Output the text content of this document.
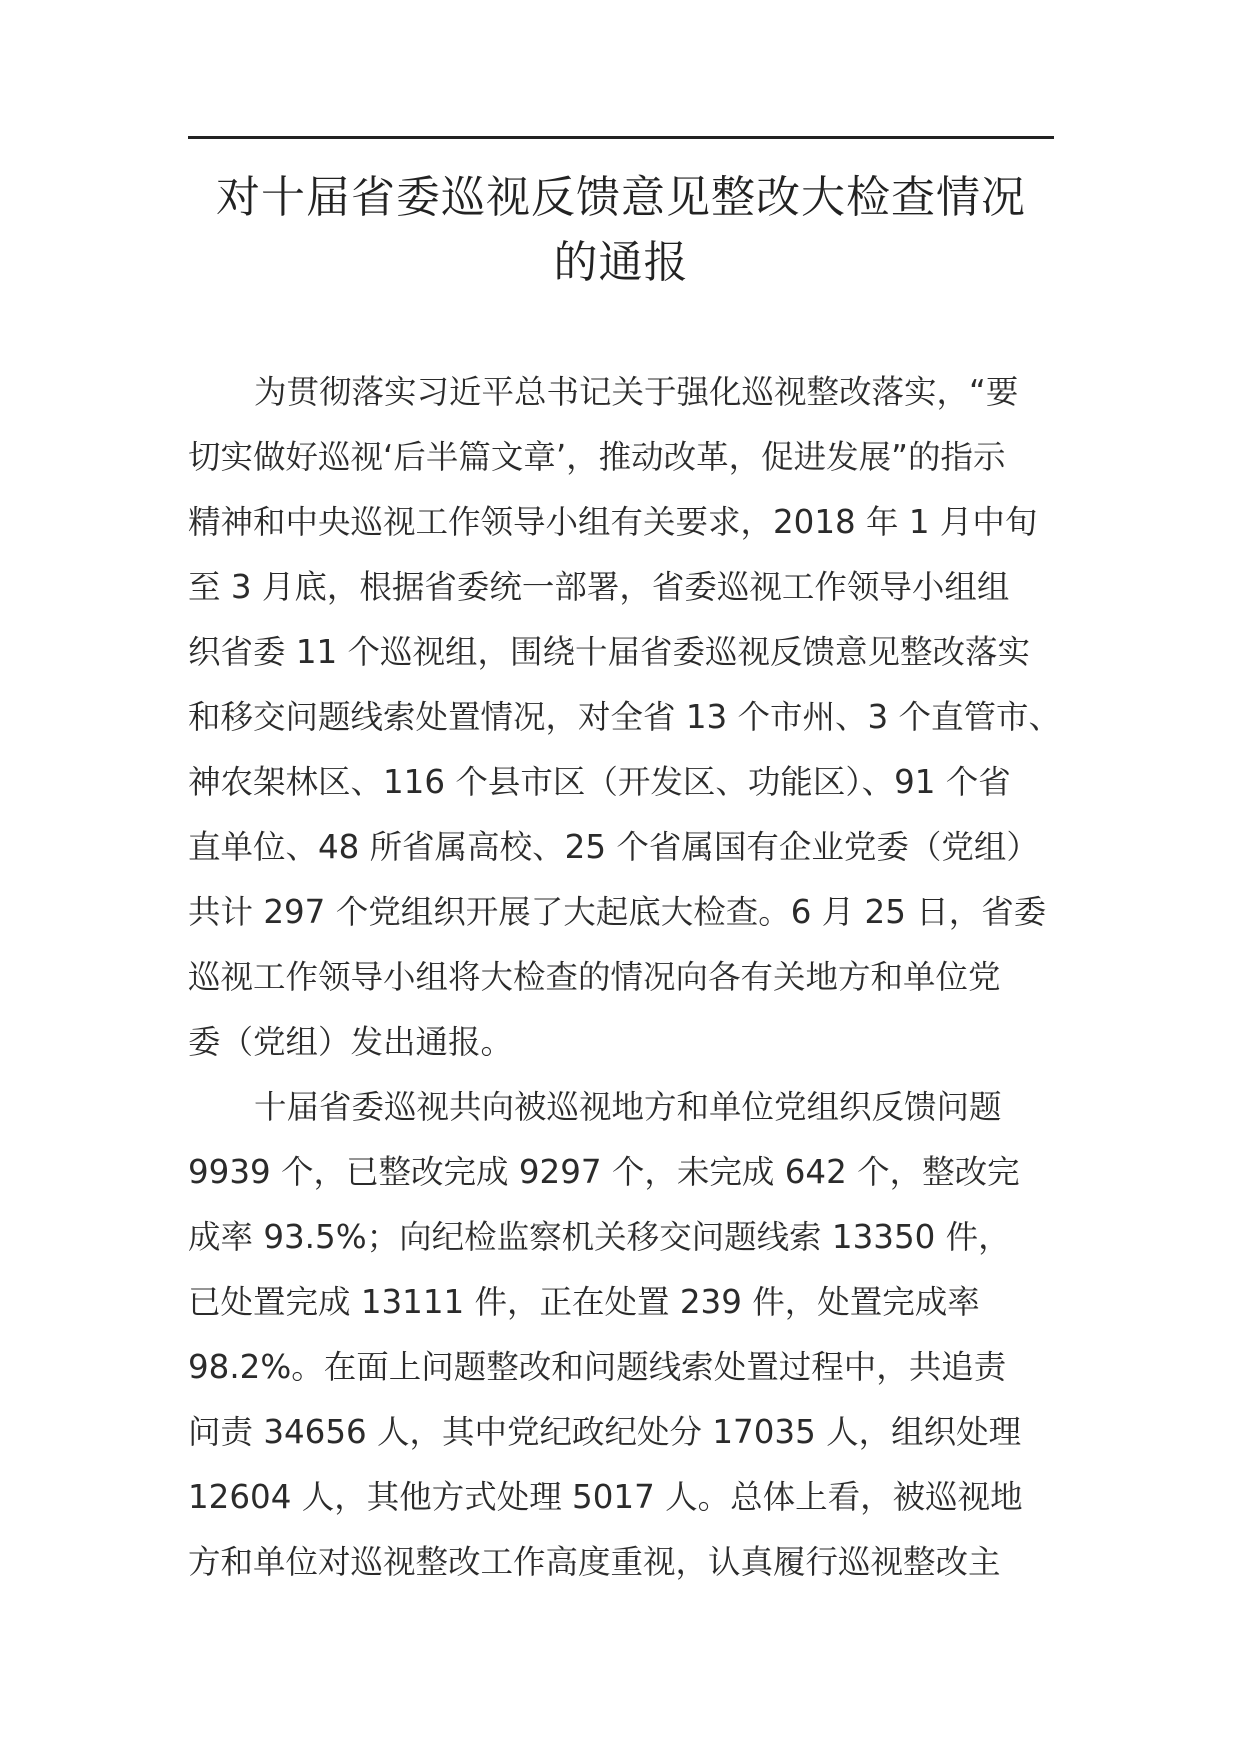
对十届省委巡视反馈意见整改大检查情况
的通报
为贯彻落实习近平总书记关于强化巡视整改落实，“要
切实做好巡视‘后半篇文章’，推动改革，促进发展”的指示
精神和中央巡视工作领导小组有关要求，2018 年 1 月中旬
至 3 月底，根据省委统一部署，省委巡视工作领导小组组
织省委 11 个巡视组，围绕十届省委巡视反馈意见整改落实
和移交问题线索处置情况，对全省 13 个市州、3 个直管市、
神农架林区、116 个县市区（开发区、功能区）、91 个省
直单位、48 所省属高校、25 个省属国有企业党委（党组）
共计 297 个党组织开展了大起底大检查。6 月 25 日，省委
巡视工作领导小组将大检查的情况向各有关地方和单位党
委（党组）发出通报。
十届省委巡视共向被巡视地方和单位党组织反馈问题
9939 个，已整改完成 9297 个，未完成 642 个，整改完
成率 93.5%；向纪检监察机关移交问题线索 13350 件，
已处置完成 13111 件，正在处置 239 件，处置完成率
98.2%。在面上问题整改和问题线索处置过程中，共追责
问责 34656 人，其中党纪政纪处分 17035 人，组织处理
12604 人，其他方式处理 5017 人。总体上看，被巡视地
方和单位对巡视整改工作高度重视，认真履行巡视整改主
